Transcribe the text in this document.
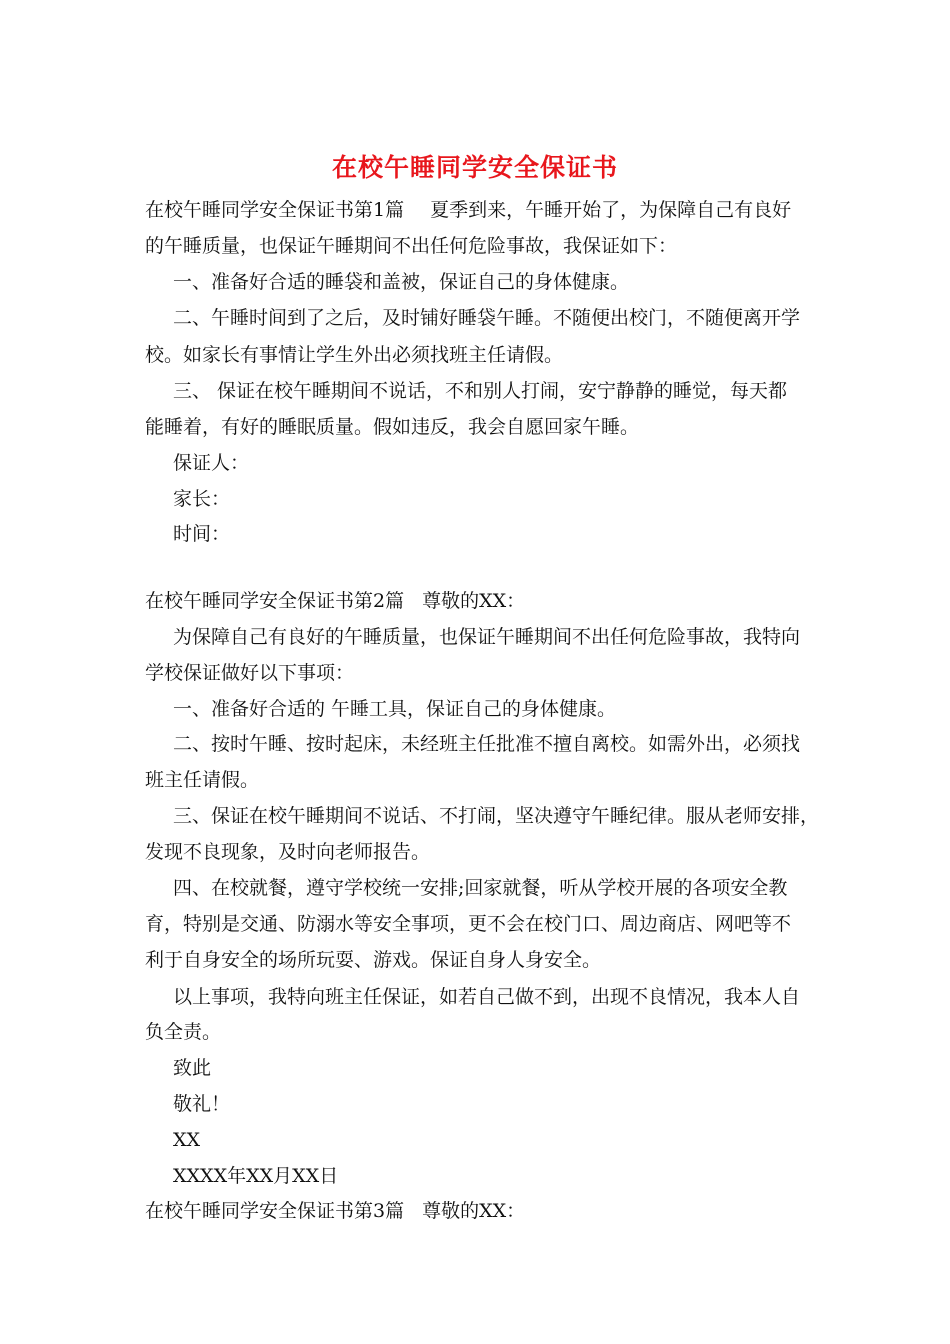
在校午睡同学安全保证书
在校午睡同学安全保证书第1篇 夏季到来，午睡开始了，为保障自己有良好
的午睡质量，也保证午睡期间不出任何危险事故，我保证如下：
一、准备好合适的睡袋和盖被，保证自己的身体健康。
二、午睡时间到了之后，及时铺好睡袋午睡。不随便出校门，不随便离开学
校。如家长有事情让学生外出必须找班主任请假。
三、 保证在校午睡期间不说话，不和别人打闹，安宁静静的睡觉，每天都
能睡着，有好的睡眠质量。假如违反，我会自愿回家午睡。
保证人：
家长：
时间：
在校午睡同学安全保证书第2篇 尊敬的XX：
为保障自己有良好的午睡质量，也保证午睡期间不出任何危险事故，我特向
学校保证做好以下事项：
一、准备好合适的 午睡工具，保证自己的身体健康。
二、按时午睡、按时起床，未经班主任批准不擅自离校。如需外出，必须找
班主任请假。
三、保证在校午睡期间不说话、不打闹，坚决遵守午睡纪律。服从老师安排，
发现不良现象，及时向老师报告。
四、在校就餐，遵守学校统一安排;回家就餐，听从学校开展的各项安全教
育，特别是交通、防溺水等安全事项，更不会在校门口、周边商店、网吧等不
利于自身安全的场所玩耍、游戏。保证自身人身安全。
以上事项，我特向班主任保证，如若自己做不到，出现不良情况，我本人自
负全责。
致此
敬礼！
XX
XXXX年XX月XX日
在校午睡同学安全保证书第3篇 尊敬的XX：
